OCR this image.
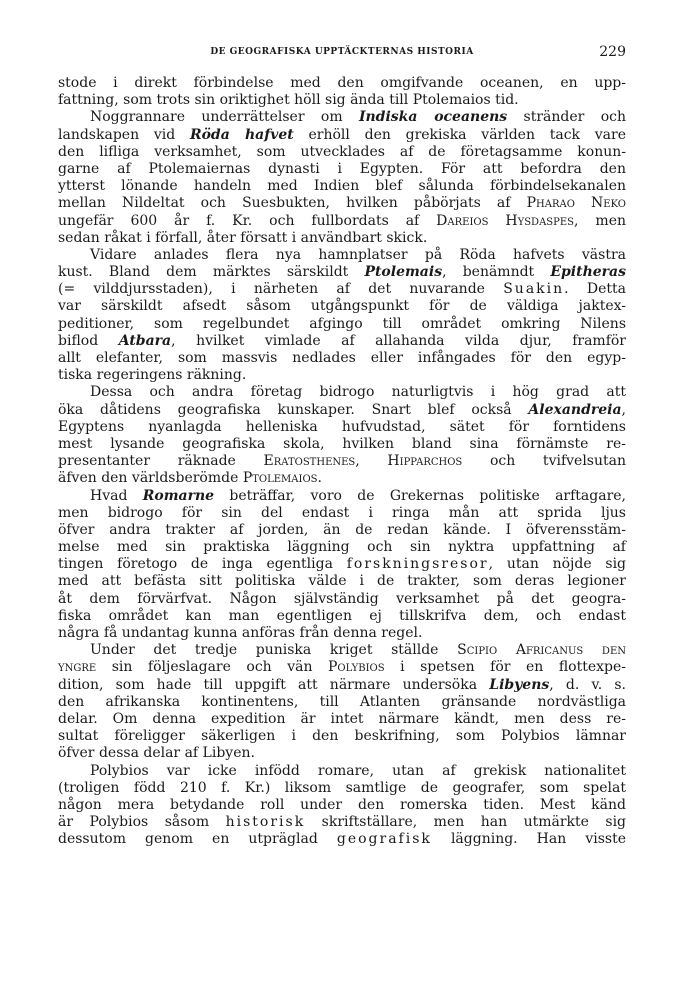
DE GEOGRAFISKA UPPTÄCKTERNAS HISTORIA	229
stode i direkt förbindelse med den omgifvande oceanen, en upp-
fattning, som trots sin oriktighet höll sig ända till Ptolemaios tid.
Noggrannare underrättelser om Indiska oceanens stränder och
landskapen vid Röda hafvet erhöll den grekiska världen tack vare
den lifliga verksamhet, som utvecklades af de företagsamme konun-
garne af Ptolemaiernas dynasti i Egypten. För att befordra den
ytterst lönande handeln med Indien blef sålunda förbindelsekanalen
mellan Nildeltat och Suesbukten, hvilken påbörjats af Pharao Neko
ungefär 600 år f. Kr. och fullbordats af Dareios Hysdaspes, men
sedan råkat i förfall, åter försatt i användbart skick.
Vidare anlades flera nya hamnplatser på Röda hafvets västra
kust. Bland dem märktes särskildt Ptolemais, benämndt Epitheras
(= vilddjursstaden), i närheten af det nuvarande Suakin. Detta
var särskildt afsedt såsom utgångspunkt för de väldiga jaktex-
peditioner, som regelbundet afgingo till området omkring Nilens
biflod Atbara, hvilket vimlade af allahanda vilda djur, framför
allt elefanter, som massvis nedlades eller infångades för den egyp-
tiska regeringens räkning.
Dessa och andra företag bidrogo naturligtvis i hög grad att
öka dåtidens geografiska kunskaper. Snart blef också Alexandreia,
Egyptens nyanlagda helleniska hufvudstad, sätet för forntidens
mest lysande geografiska skola, hvilken bland sina förnämste re-
presentanter räknade Eratosthenes, Hipparchos och tvifvelsutan
äfven den världsberömde Ptolemaios.
Hvad Romarne beträffar, voro de Grekernas politiske arftagare,
men bidrogo för sin del endast i ringa mån att sprida ljus
öfver andra trakter af jorden, än de redan kände. I öfverensstäm-
melse med sin praktiska läggning och sin nyktra uppfattning af
tingen företogo de inga egentliga forskningsresor, utan nöjde sig
med att befästa sitt politiska välde i de trakter, som deras legioner
åt dem förvärfvat. Någon självständig verksamhet på det geogra-
fiska området kan man egentligen ej tillskrifva dem, och endast
några få undantag kunna anföras från denna regel.
Under det tredje puniska kriget ställde Scipio Africanus den
yngre sin följeslagare och vän Polybios i spetsen för en flottexpe-
dition, som hade till uppgift att närmare undersöka Libyens, d. v. s.
den afrikanska kontinentens, till Atlanten gränsande nordvästliga
delar. Om denna expedition är intet närmare kändt, men dess re-
sultat föreligger säkerligen i den beskrifning, som Polybios lämnar
öfver dessa delar af Libyen.
Polybios var icke infödd romare, utan af grekisk nationalitet
(troligen född 210 f. Kr.) liksom samtlige de geografer, som spelat
någon mera betydande roll under den romerska tiden. Mest känd
är Polybios såsom historisk skriftställare, men han utmärkte sig
dessutom genom en utpräglad geografisk läggning. Han visste
